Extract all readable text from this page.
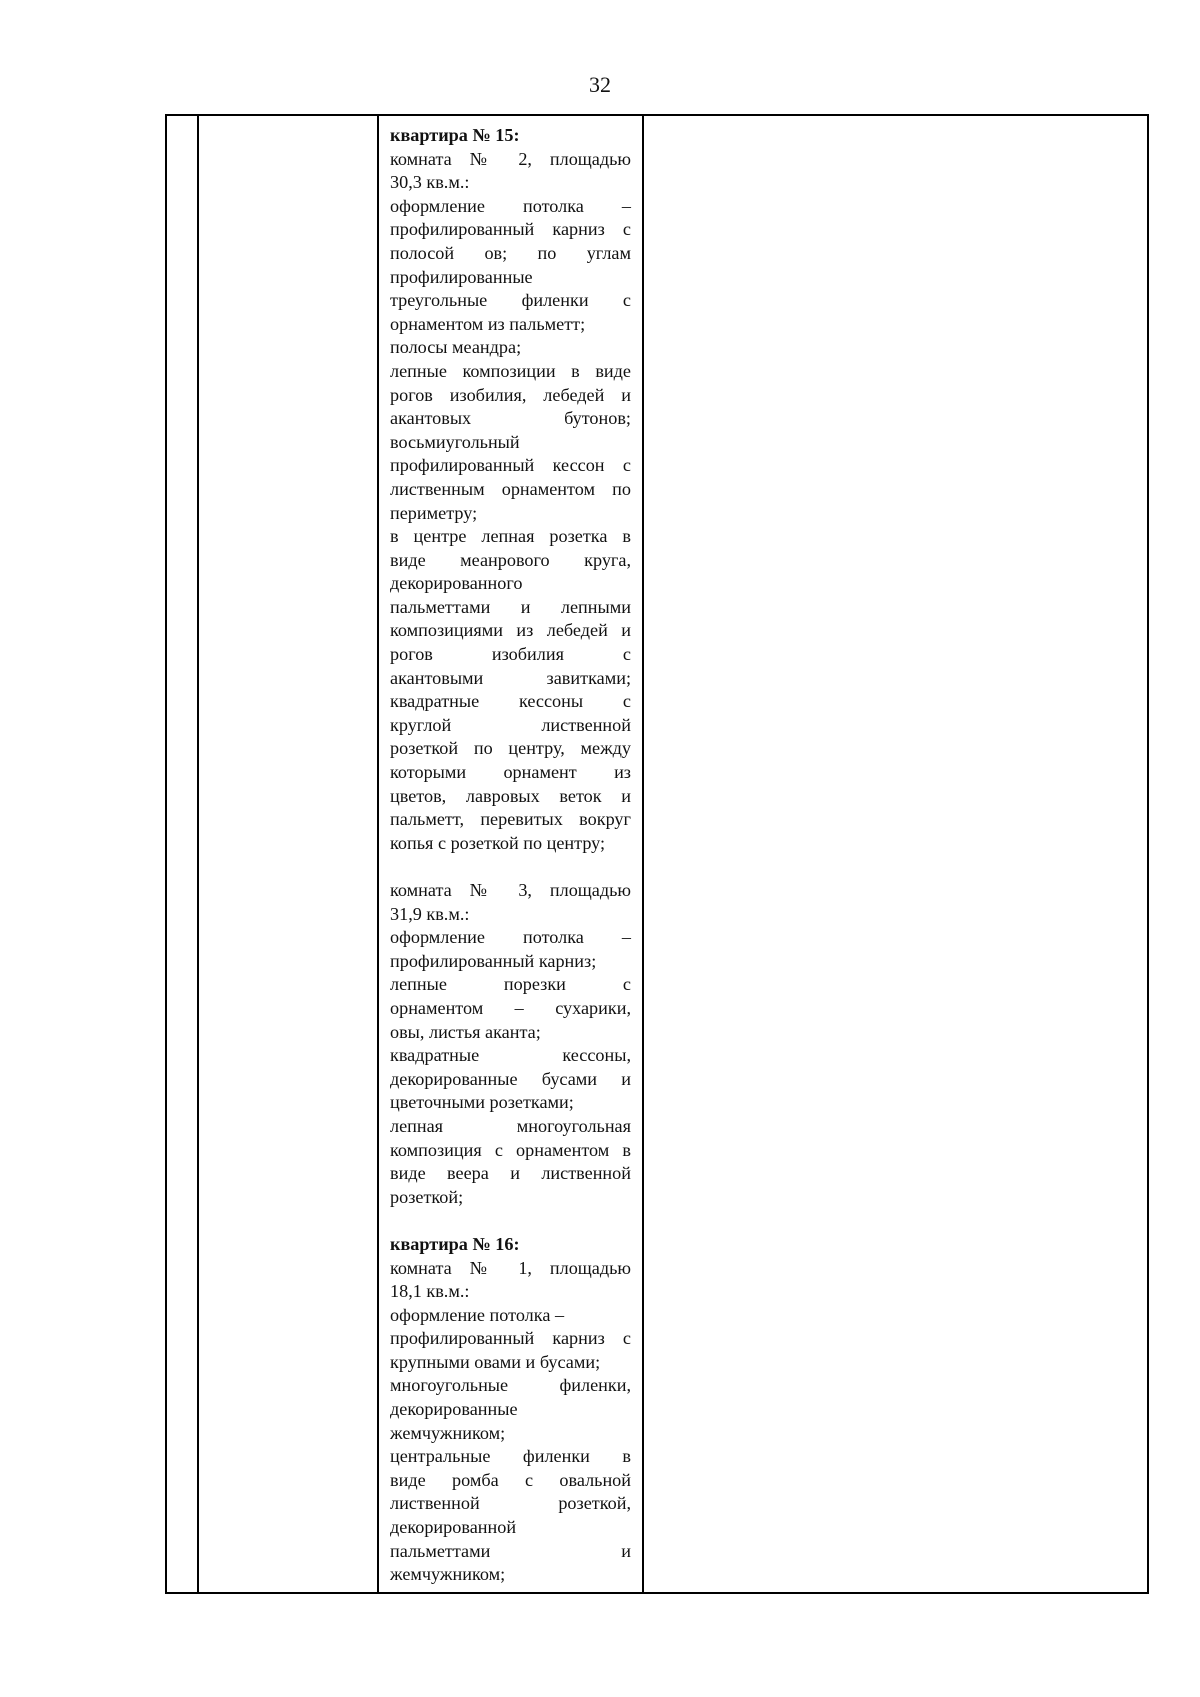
32
квартира № 15:
комната № 2, площадью
30,3 кв.м.:
оформление потолка –
профилированный карниз с
полосой ов; по углам
профилированные
треугольные филенки с
орнаментом из пальметт;
полосы меандра;
лепные композиции в виде
рогов изобилия, лебедей и
акантовых бутонов;
восьмиугольный
профилированный кессон с
лиственным орнаментом по
периметру;
в центре лепная розетка в
виде меанрового круга,
декорированного
пальметтами и лепными
композициями из лебедей и
рогов изобилия с
акантовыми завитками;
квадратные кессоны с
круглой лиственной
розеткой по центру, между
которыми орнамент из
цветов, лавровых веток и
пальметт, перевитых вокруг
копья с розеткой по центру;
комната № 3, площадью
31,9 кв.м.:
оформление потолка –
профилированный карниз;
лепные порезки с
орнаментом – сухарики,
овы, листья аканта;
квадратные кессоны,
декорированные бусами и
цветочными розетками;
лепная многоугольная
композиция с орнаментом в
виде веера и лиственной
розеткой;
квартира № 16:
комната № 1, площадью
18,1 кв.м.:
оформление потолка –
профилированный карниз с
крупными овами и бусами;
многоугольные филенки,
декорированные
жемчужником;
центральные филенки в
виде ромба с овальной
лиственной розеткой,
декорированной
пальметтами и
жемчужником;
